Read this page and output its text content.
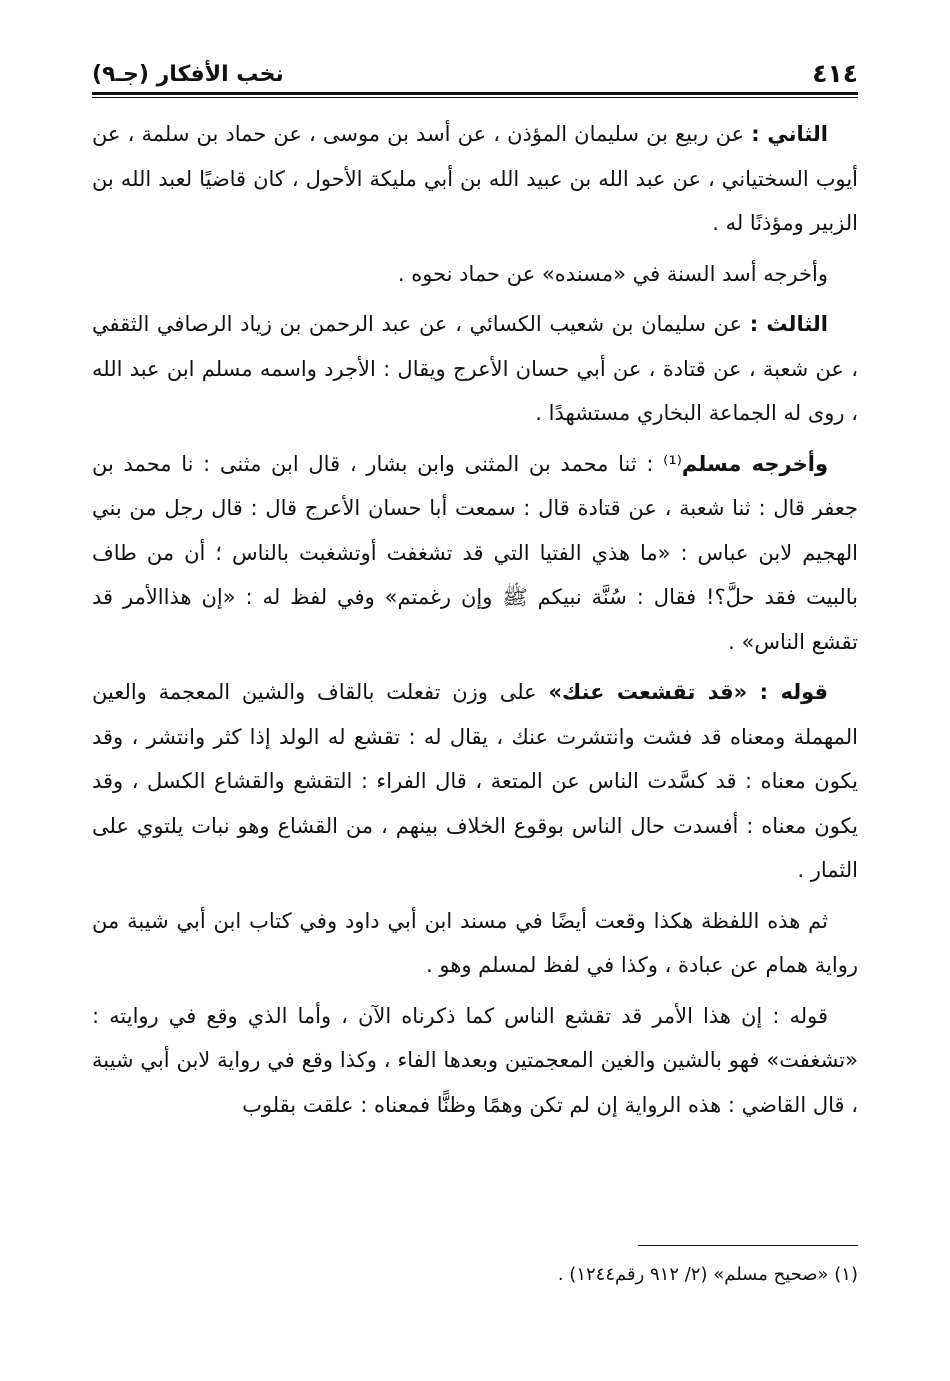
٤١٤
نخب الأفكار (جـ٩)

الثاني : عن ربيع بن سليمان المؤذن ، عن أسد بن موسى ، عن حماد بن سلمة ، عن أيوب السختياني ، عن عبد الله بن عبيد الله بن أبي مليكة الأحول ، كان قاضيًا لعبد الله بن الزبير ومؤذنًا له .

وأخرجه أسد السنة في «مسنده» عن حماد نحوه .

الثالث : عن سليمان بن شعيب الكسائي ، عن عبد الرحمن بن زياد الرصافي الثقفي ، عن شعبة ، عن قتادة ، عن أبي حسان الأعرج ويقال : الأجرد واسمه مسلم ابن عبد الله ، روى له الجماعة البخاري مستشهدًا .

وأخرجه مسلم⁽¹⁾ : ثنا محمد بن المثنى وابن بشار ، قال ابن مثنى : نا محمد بن جعفر قال : ثنا شعبة ، عن قتادة قال : سمعت أبا حسان الأعرج قال : قال رجل من بني الهجيم لابن عباس : «ما هذي الفتيا التي قد تشغفت أوتشغبت بالناس ؛ أن من طاف بالبيت فقد حلَّ؟! فقال : سُنَّة نبيكم ﷺ وإن رغمتم» وفي لفظ له : «إن هذاالأمر قد تقشع الناس» .

قوله : «قد تقشعت عنك» على وزن تفعلت بالقاف والشين المعجمة والعين المهملة ومعناه قد فشت وانتشرت عنك ، يقال له : تقشع له الولد إذا كثر وانتشر ، وقد يكون معناه : قد كسَّدت الناس عن المتعة ، قال الفراء : التقشع والقشاع الكسل ، وقد يكون معناه : أفسدت حال الناس بوقوع الخلاف بينهم ، من القشاع وهو نبات يلتوي على الثمار .

ثم هذه اللفظة هكذا وقعت أيضًا في مسند ابن أبي داود وفي كتاب ابن أبي شيبة من رواية همام عن عبادة ، وكذا في لفظ لمسلم وهو .

قوله : إن هذا الأمر قد تقشع الناس كما ذكرناه الآن ، وأما الذي وقع في روايته : «تشغفت» فهو بالشين والغين المعجمتين وبعدها الفاء ، وكذا وقع في رواية لابن أبي شيبة ، قال القاضي : هذه الرواية إن لم تكن وهمًا وظنًّا فمعناه : علقت بقلوب

(١) «صحيح مسلم» (٢/ ٩١٢ رقم١٢٤٤) .
